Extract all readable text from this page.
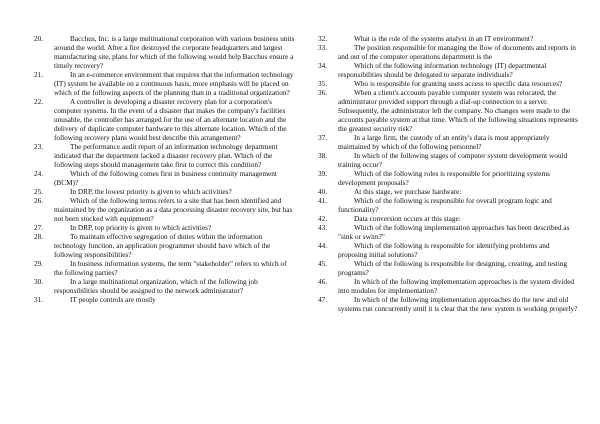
20.	Bacchus, Inc. is a large multinational corporation with various business units around the world. After a fire destroyed the corporate headquarters and largest manufacturing site, plans for which of the following would help Bacchus ensure a timely recovery?
21.	In an e-commerce environment that requires that the information technology (IT) system be available on a continuous basis, more emphasis will be placed on which of the following aspects of the planning than in a traditional organization?
22.	A controller is developing a disaster recovery plan for a corporation's computer systems. In the event of a disaster that makes the company's facilities unusable, the controller has arranged for the use of an alternate location and the delivery of duplicate computer hardware to this alternate location. Which of the following recovery plans would best describe this arrangement?
23.	The performance audit report of an information technology department indicated that the department lacked a disaster recovery plan. Which of the following steps should management take first to correct this condition?
24.	Which of the following comes first in business continuity management (BCM)?
25.	In DRP, the lowest priority is given to which activities?
26.	Which of the following terms refers to a site that has been identified and maintained by the organization as a data processing disaster recovery site, but has not been stocked with equipment?
27.	In DRP, top priority is given to which activities?
28.	To maintain effective segregation of duties within the information technology function, an application programmer should have which of the following responsibilities?
29.	In business information systems, the term "stakeholder" refers to which of the following parties?
30.	In a large multinational organization, which of the following job responsibilities should be assigned to the network administrator?
31.	IT people controls are mostly
32.	What is the role of the systems analyst in an IT environment?
33.	The position responsible for managing the flow of documents and reports in and out of the computer operations department is the
34.	Which of the following information technology (IT) departmental responsibilities should be delegated to separate individuals?
35.	Who is responsible for granting users access to specific data resources?
36.	When a client's accounts payable computer system was relocated, the administrator provided support through a dial-up connection to a server. Subsequently, the administrator left the company. No changes were made to the accounts payable system at that time. Which of the following situations represents the greatest security risk?
37.	In a large firm, the custody of an entity's data is most appropriately maintained by which of the following personnel?
38.	In which of the following stages of computer system development would training occur?
39.	Which of the following roles is responsible for prioritizing systems development proposals?
40.	At this stage, we purchase hardware:
41.	Which of the following is responsible for overall program logic and functionality?
42.	Data conversion occurs at this stage:
43.	Which of the following implementation approaches has been described as "sink or swim?"
44.	Which of the following is responsible for identifying problems and proposing initial solutions?
45.	Which of the following is responsible for designing, creating, and testing programs?
46.	In which of the following implementation approaches is the system divided into modules for implementation?
47.	In which of the following implementation approaches do the new and old systems run concurrently until it is clear that the new system is working properly?
